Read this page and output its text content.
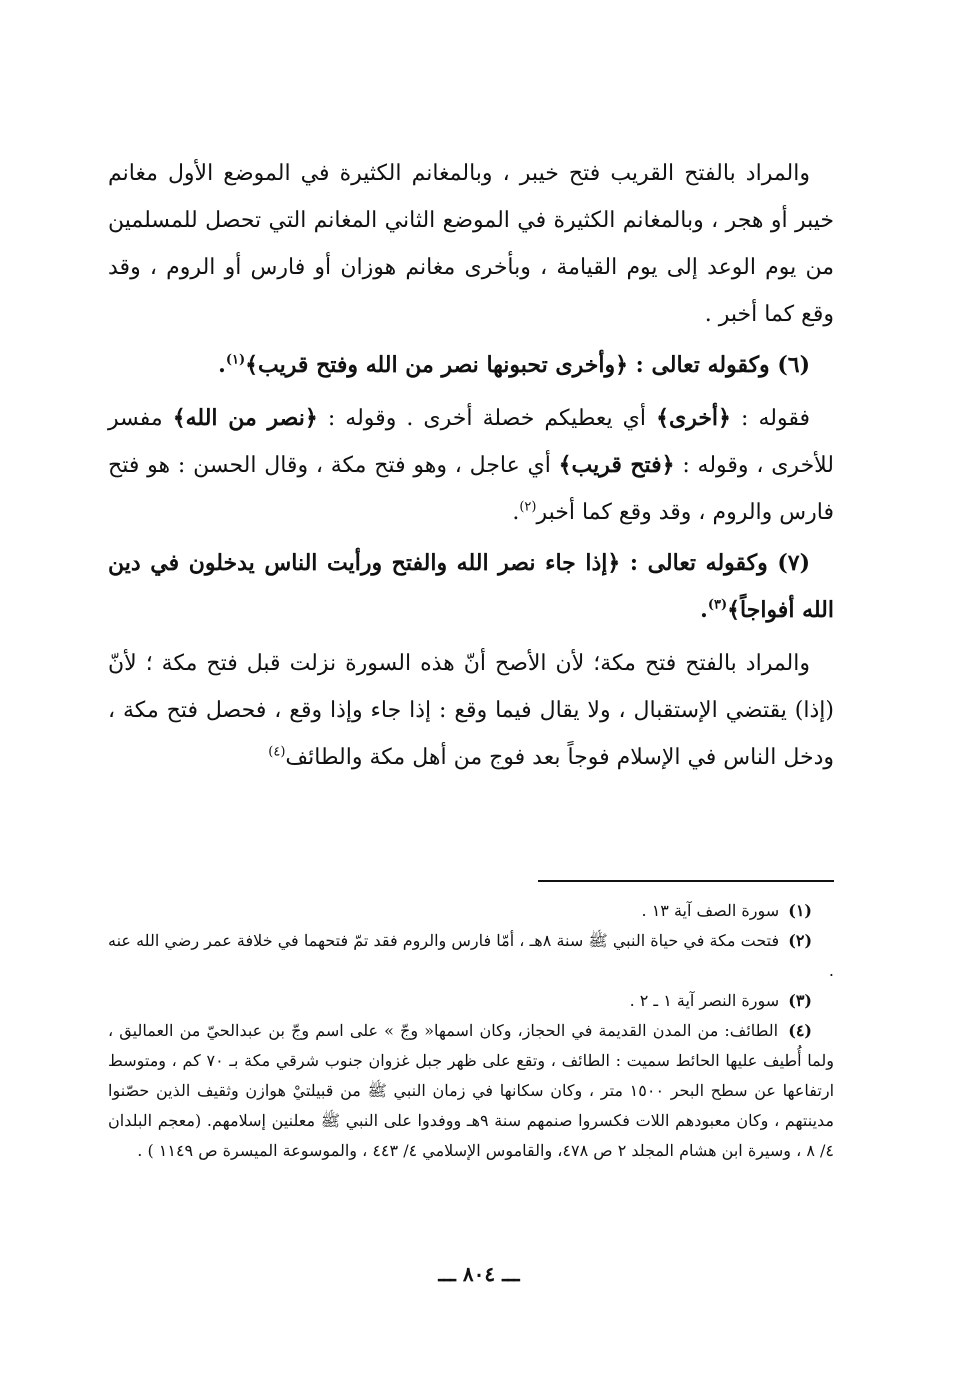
والمراد بالفتح القريب فتح خيبر ، وبالمغانم الكثيرة في الموضع الأول مغانم خيبر أو هجر ، وبالمغانم الكثيرة في الموضع الثاني المغانم التي تحصل للمسلمين من يوم الوعد إلى يوم القيامة ، وبأخرى مغانم هوزان أو فارس أو الروم ، وقد وقع كما أخبر .

(٦) وكقوله تعالى : ﴿وأخرى تحبونها نصر من الله وفتح قريب﴾$^{(١)}$.

فقوله : ﴿أخرى﴾ أي يعطيكم خصلة أخرى . وقوله : ﴿نصر من الله﴾ مفسر للأخرى ، وقوله : ﴿فتح قريب﴾ أي عاجل ، وهو فتح مكة ، وقال الحسن : هو فتح فارس والروم ، وقد وقع كما أخبر$^{(٢)}$.

(٧) وكقوله تعالى : ﴿إذا جاء نصر الله والفتح ورأيت الناس يدخلون في دين الله أفواجاً﴾$^{(٣)}$.

والمراد بالفتح فتح مكة؛ لأن الأصح أنّ هذه السورة نزلت قبل فتح مكة ؛ لأنّ (إذا) يقتضي الإستقبال ، ولا يقال فيما وقع : إذا جاء وإذا وقع ، فحصل فتح مكة ، ودخل الناس في الإسلام فوجاً بعد فوج من أهل مكة والطائف$^{(٤)}$

(١) سورة الصف آية ١٣ .

(٢) فتحت مكة في حياة النبي ﷺ سنة ٨هـ ، أمّا فارس والروم فقد تمّ فتحهما في خلافة عمر رضي الله عنه .

(٣) سورة النصر آية ١ ـ ٢ .

(٤) الطائف: من المدن القديمة في الحجاز، وكان اسمها« وجّ » على اسم وجّ بن عبدالحيّ من العماليق ، ولما أُطيف عليها الحائط سميت : الطائف ، وتقع على ظهر جبل غزوان جنوب شرقي مكة بـ ٧٠ كم ، ومتوسط ارتفاعها عن سطح البحر ١٥٠٠ متر ، وكان سكانها في زمان النبي ﷺ من قبيلتيْ هوازن وثقيف الذين حصّنوا مدينتهم ، وكان معبودهم اللات فكسروا صنمهم سنة ٩هـ ووفدوا على النبي ﷺ معلنين إسلامهم. (معجم البلدان ٤/ ٨ ، وسيرة ابن هشام المجلد ٢ ص ٤٧٨، والقاموس الإسلامي ٤/ ٤٤٣ ، والموسوعة الميسرة ص ١١٤٩ ) .

ـــ ٨٠٤ ـــ
